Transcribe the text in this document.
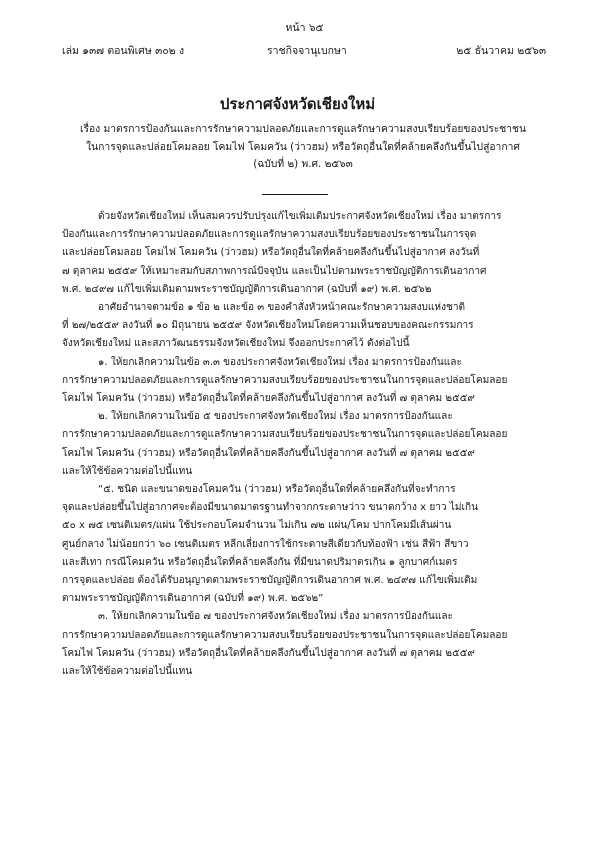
หน้า ๖๕
เล่ม ๑๓๗ ตอนพิเศษ ๓๐๒ ง	ราชกิจจานุเบกษา	๒๕ ธันวาคม ๒๕๖๓
ประกาศจังหวัดเชียงใหม่
เรื่อง มาตรการป้องกันและการรักษาความปลอดภัยและการดูแลรักษาความสงบเรียบร้อยของประชาชน
ในการจุดและปล่อยโคมลอย โคมไฟ โคมควัน (ว่าวฮม) หรือวัตถุอื่นใดที่คล้ายคลึงกันขึ้นไปสู่อากาศ
(ฉบับที่ ๒) พ.ศ. ๒๕๖๓
ด้วยจังหวัดเชียงใหม่ เห็นสมควรปรับปรุงแก้ไขเพิ่มเติมประกาศจังหวัดเชียงใหม่ เรื่อง มาตรการ
ป้องกันและการรักษาความปลอดภัยและการดูแลรักษาความสงบเรียบร้อยของประชาชนในการจุด
และปล่อยโคมลอย โคมไฟ โคมควัน (ว่าวฮม) หรือวัตถุอื่นใดที่คล้ายคลึงกันขึ้นไปสู่อากาศ ลงวันที่
๗ ตุลาคม ๒๕๕๙ ให้เหมาะสมกับสภาพการณ์ปัจจุบัน และเป็นไปตามพระราชบัญญัติการเดินอากาศ
พ.ศ. ๒๔๙๗ แก้ไขเพิ่มเติมตามพระราชบัญญัติการเดินอากาศ (ฉบับที่ ๑๙) พ.ศ. ๒๕๖๒
อาศัยอำนาจตามข้อ ๑ ข้อ ๒ และข้อ ๓ ของคำสั่งหัวหน้าคณะรักษาความสงบแห่งชาติ
ที่ ๒๗/๒๕๕๙ ลงวันที่ ๑๐ มิถุนายน ๒๕๕๙ จังหวัดเชียงใหม่โดยความเห็นชอบของคณะกรรมการ
จังหวัดเชียงใหม่ และสภาวัฒนธรรมจังหวัดเชียงใหม่ จึงออกประกาศไว้ ดังต่อไปนี้
๑. ให้ยกเลิกความในข้อ ๓.๓ ของประกาศจังหวัดเชียงใหม่ เรื่อง มาตรการป้องกันและ
การรักษาความปลอดภัยและการดูแลรักษาความสงบเรียบร้อยของประชาชนในการจุดและปล่อยโคมลอย
โคมไฟ โคมควัน (ว่าวฮม) หรือวัตถุอื่นใดที่คล้ายคลึงกันขึ้นไปสู่อากาศ ลงวันที่ ๗ ตุลาคม ๒๕๕๙
๒. ให้ยกเลิกความในข้อ ๕ ของประกาศจังหวัดเชียงใหม่ เรื่อง มาตรการป้องกันและ
การรักษาความปลอดภัยและการดูแลรักษาความสงบเรียบร้อยของประชาชนในการจุดและปล่อยโคมลอย
โคมไฟ โคมควัน (ว่าวฮม) หรือวัตถุอื่นใดที่คล้ายคลึงกันขึ้นไปสู่อากาศ ลงวันที่ ๗ ตุลาคม ๒๕๕๙
และให้ใช้ข้อความต่อไปนี้แทน
“๕. ชนิด และขนาดของโคมควัน (ว่าวฮม) หรือวัตถุอื่นใดที่คล้ายคลึงกันที่จะทำการ
จุดและปล่อยขึ้นไปสู่อากาศจะต้องมีขนาดมาตรฐานทำจากกระดาษว่าว ขนาดกว้าง x ยาว ไม่เกิน
๕๐ x ๗๕ เซนติเมตร/แผ่น ใช้ประกอบโคมจำนวน ไม่เกิน ๗๒ แผ่น/โคม ปากโคมมีเส้นผ่าน
ศูนย์กลาง ไม่น้อยกว่า ๖๐ เซนติเมตร หลีกเลี่ยงการใช้กระดาษสีเดียวกับท้องฟ้า เช่น สีฟ้า สีขาว
และสีเทา กรณีโคมควัน หรือวัตถุอื่นใดที่คล้ายคลึงกัน ที่มีขนาดปริมาตรเกิน ๑ ลูกบาศก์เมตร
การจุดและปล่อย ต้องได้รับอนุญาตตามพระราชบัญญัติการเดินอากาศ พ.ศ. ๒๔๙๗ แก้ไขเพิ่มเติม
ตามพระราชบัญญัติการเดินอากาศ (ฉบับที่ ๑๙) พ.ศ. ๒๕๖๒”
๓. ให้ยกเลิกความในข้อ ๗ ของประกาศจังหวัดเชียงใหม่ เรื่อง มาตรการป้องกันและ
การรักษาความปลอดภัยและการดูแลรักษาความสงบเรียบร้อยของประชาชนในการจุดและปล่อยโคมลอย
โคมไฟ โคมควัน (ว่าวฮม) หรือวัตถุอื่นใดที่คล้ายคลึงกันขึ้นไปสู่อากาศ ลงวันที่ ๗ ตุลาคม ๒๕๕๙
และให้ใช้ข้อความต่อไปนี้แทน
